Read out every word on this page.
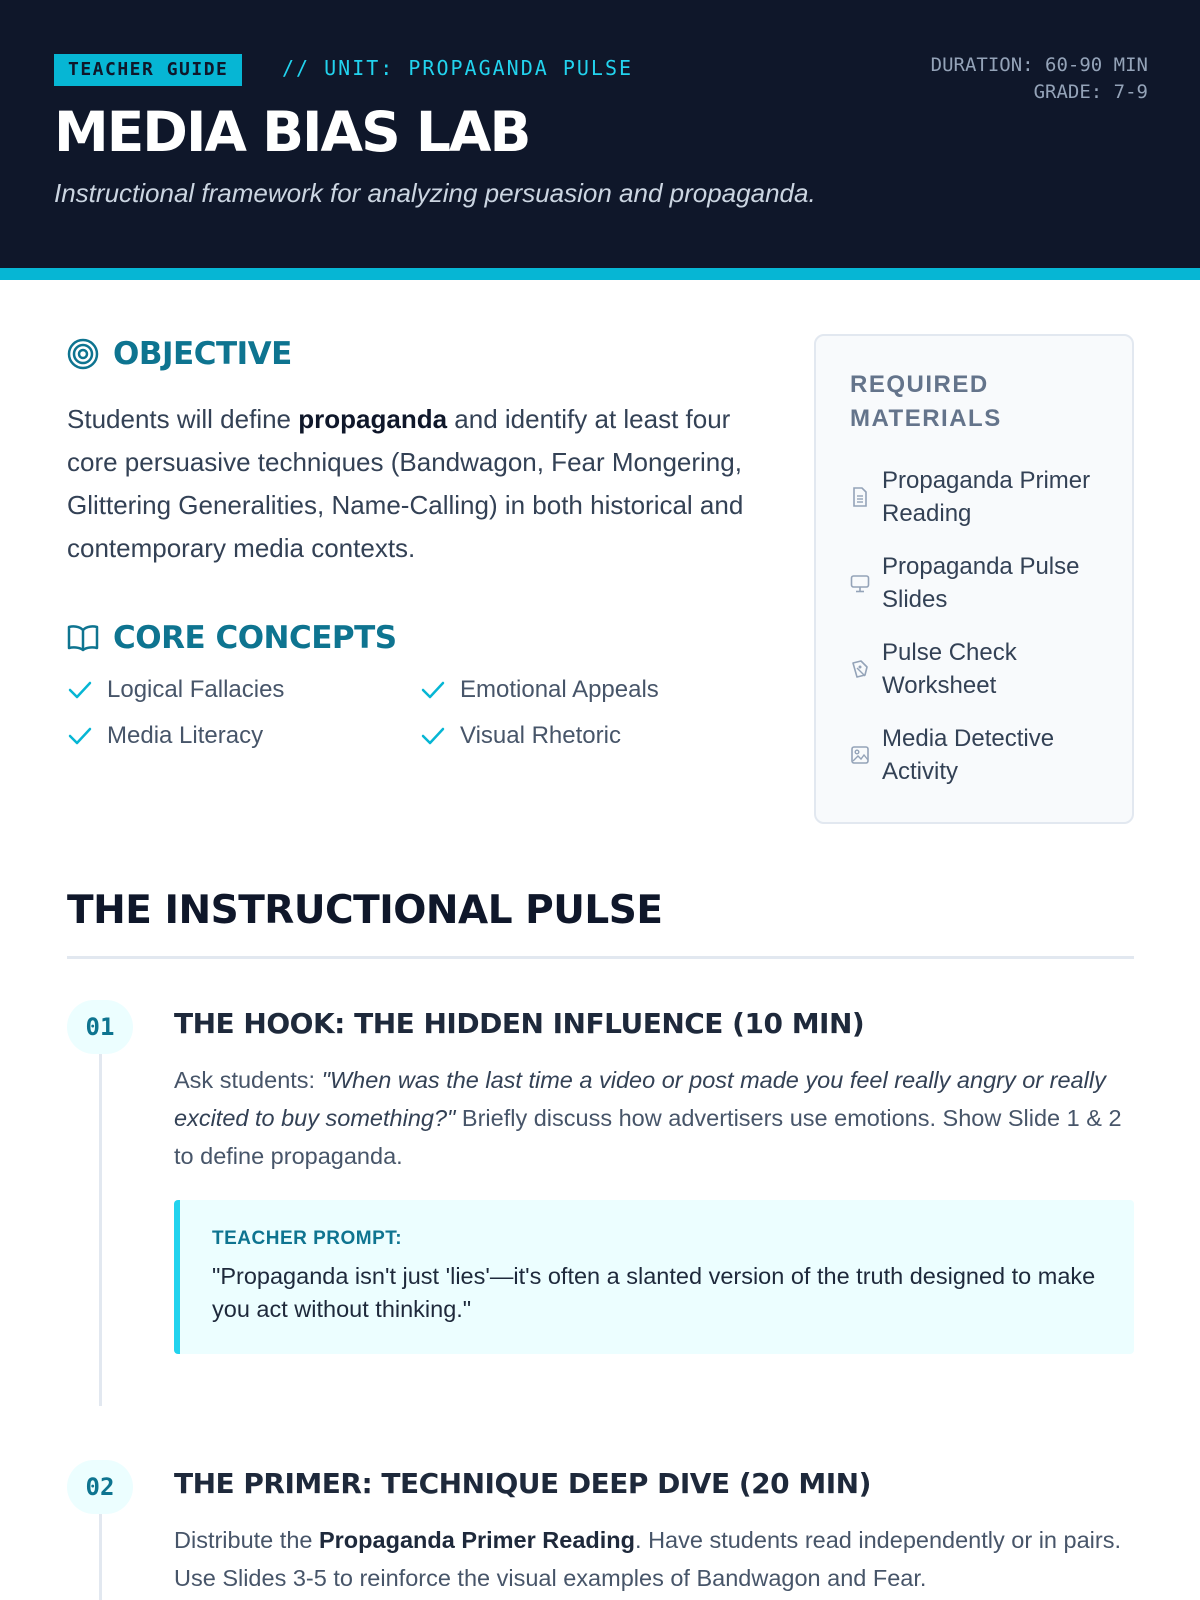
TEACHER GUIDE	// UNIT: PROPAGANDA PULSE	DURATION: 60-90 MIN
GRADE: 7-9
MEDIA BIAS LAB
Instructional framework for analyzing persuasion and propaganda.
OBJECTIVE
Students will define propaganda and identify at least four core persuasive techniques (Bandwagon, Fear Mongering, Glittering Generalities, Name-Calling) in both historical and contemporary media contexts.
CORE CONCEPTS
Logical Fallacies	Emotional Appeals
Media Literacy	Visual Rhetoric
REQUIRED
MATERIALS
Propaganda Primer Reading
Propaganda Pulse Slides
Pulse Check Worksheet
Media Detective Activity
THE INSTRUCTIONAL PULSE
01	THE HOOK: THE HIDDEN INFLUENCE (10 MIN)
Ask students: "When was the last time a video or post made you feel really angry or really excited to buy something?" Briefly discuss how advertisers use emotions. Show Slide 1 & 2 to define propaganda.
TEACHER PROMPT:
"Propaganda isn't just 'lies'—it's often a slanted version of the truth designed to make you act without thinking."
02	THE PRIMER: TECHNIQUE DEEP DIVE (20 MIN)
Distribute the Propaganda Primer Reading. Have students read independently or in pairs. Use Slides 3-5 to reinforce the visual examples of Bandwagon and Fear.
